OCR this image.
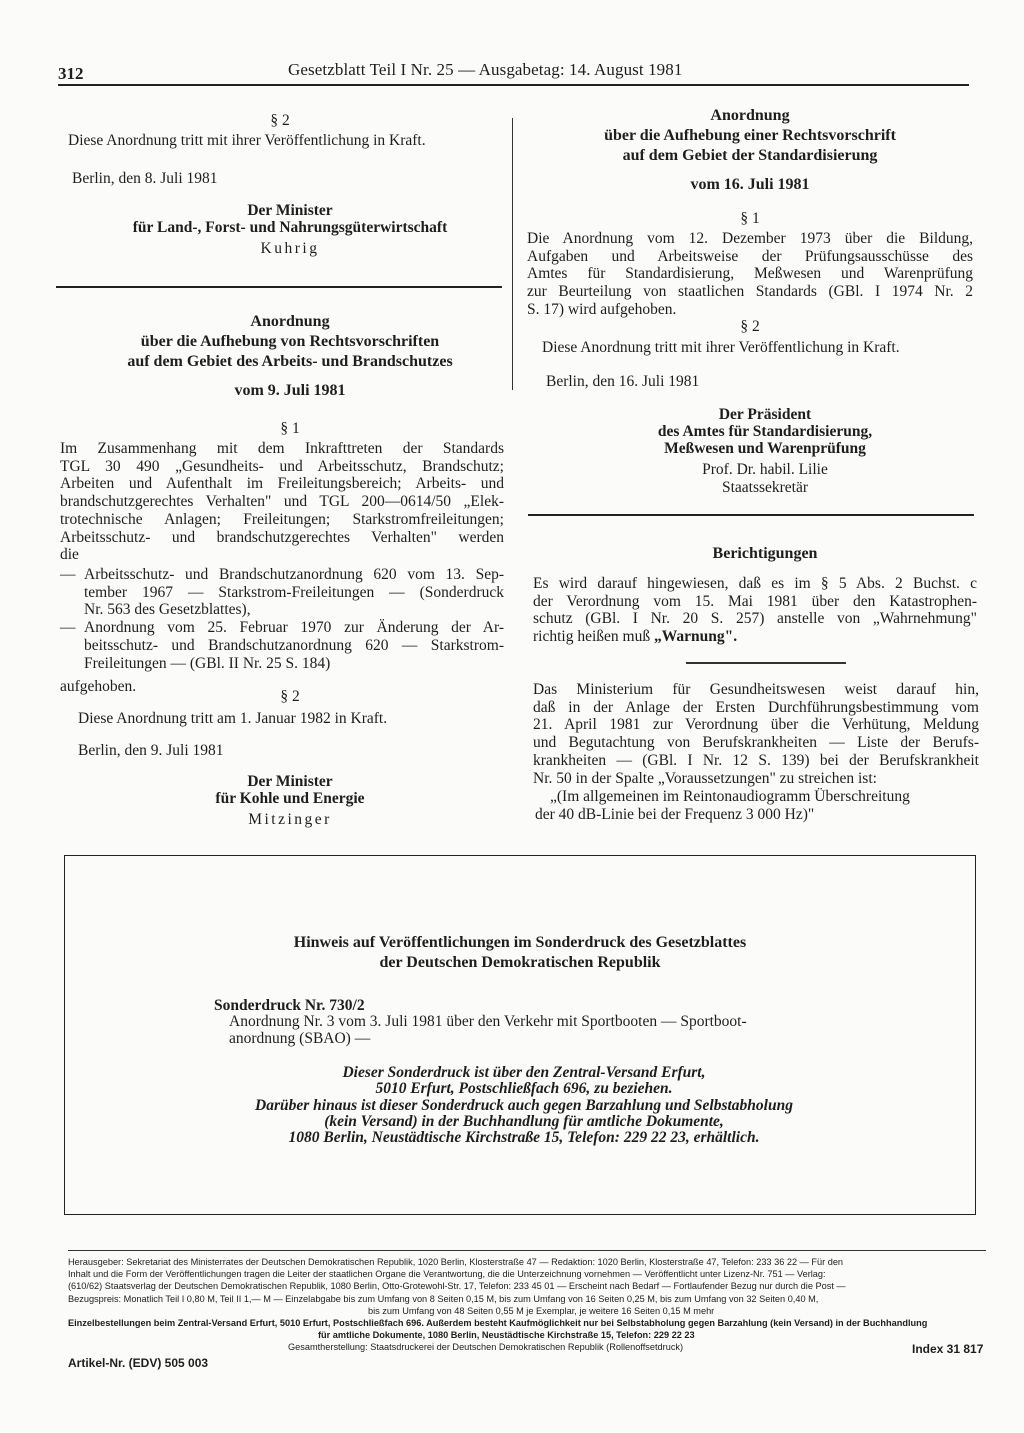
312	Gesetzblatt Teil I Nr. 25 — Ausgabetag: 14. August 1981
§ 2
Diese Anordnung tritt mit ihrer Veröffentlichung in Kraft.
Berlin, den 8. Juli 1981
Der Minister
für Land-, Forst- und Nahrungsgüterwirtschaft
Kuhrig
Anordnung
über die Aufhebung von Rechtsvorschriften
auf dem Gebiet des Arbeits- und Brandschutzes
vom 9. Juli 1981
§ 1
Im Zusammenhang mit dem Inkrafttreten der Standards
TGL 30 490 „Gesundheits- und Arbeitsschutz, Brandschutz;
Arbeiten und Aufenthalt im Freileitungsbereich; Arbeits- und
brandschutzgerechtes Verhalten" und TGL 200—0614/50 „Elek-
trotechnische Anlagen; Freileitungen; Starkstromfreileitungen;
Arbeitsschutz- und brandschutzgerechtes Verhalten" werden
die
— Arbeitsschutz- und Brandschutzanordnung 620 vom 13. Sep-
tember 1967 — Starkstrom-Freileitungen — (Sonderdruck
Nr. 563 des Gesetzblattes),
— Anordnung vom 25. Februar 1970 zur Änderung der Ar-
beitsschutz- und Brandschutzanordnung 620 — Starkstrom-
Freileitungen — (GBl. II Nr. 25 S. 184)
aufgehoben.
§ 2
Diese Anordnung tritt am 1. Januar 1982 in Kraft.
Berlin, den 9. Juli 1981
Der Minister
für Kohle und Energie
Mitzinger
Anordnung
über die Aufhebung einer Rechtsvorschrift
auf dem Gebiet der Standardisierung
vom 16. Juli 1981
§ 1
Die Anordnung vom 12. Dezember 1973 über die Bildung,
Aufgaben und Arbeitsweise der Prüfungsausschüsse des
Amtes für Standardisierung, Meßwesen und Warenprüfung
zur Beurteilung von staatlichen Standards (GBl. I 1974 Nr. 2
S. 17) wird aufgehoben.
§ 2
Diese Anordnung tritt mit ihrer Veröffentlichung in Kraft.
Berlin, den 16. Juli 1981
Der Präsident
des Amtes für Standardisierung,
Meßwesen und Warenprüfung
Prof. Dr. habil. Lilie
Staatssekretär
Berichtigungen
Es wird darauf hingewiesen, daß es im § 5 Abs. 2 Buchst. c
der Verordnung vom 15. Mai 1981 über den Katastrophen-
schutz (GBl. I Nr. 20 S. 257) anstelle von „Wahrnehmung"
richtig heißen muß „Warnung".
Das Ministerium für Gesundheitswesen weist darauf hin,
daß in der Anlage der Ersten Durchführungsbestimmung vom
21. April 1981 zur Verordnung über die Verhütung, Meldung
und Begutachtung von Berufskrankheiten — Liste der Berufs-
krankheiten — (GBl. I Nr. 12 S. 139) bei der Berufskrankheit
Nr. 50 in der Spalte „Voraussetzungen" zu streichen ist:
„(Im allgemeinen im Reintonaudiogramm Überschreitung
der 40 dB-Linie bei der Frequenz 3 000 Hz)"
Hinweis auf Veröffentlichungen im Sonderdruck des Gesetzblattes
der Deutschen Demokratischen Republik
Sonderdruck Nr. 730/2
Anordnung Nr. 3 vom 3. Juli 1981 über den Verkehr mit Sportbooten — Sportboot-
anordnung (SBAO) —
Dieser Sonderdruck ist über den Zentral-Versand Erfurt,
5010 Erfurt, Postschließfach 696, zu beziehen.
Darüber hinaus ist dieser Sonderdruck auch gegen Barzahlung und Selbstabholung
(kein Versand) in der Buchhandlung für amtliche Dokumente,
1080 Berlin, Neustädtische Kirchstraße 15, Telefon: 229 22 23, erhältlich.
Herausgeber: Sekretariat des Ministerrates der Deutschen Demokratischen Republik, 1020 Berlin, Klosterstraße 47 — Redaktion: 1020 Berlin, Klosterstraße 47, Telefon: 233 36 22 — Für den
Inhalt und die Form der Veröffentlichungen tragen die Leiter der staatlichen Organe die Verantwortung, die die Unterzeichnung vornehmen — Veröffentlicht unter Lizenz-Nr. 751 — Verlag:
(610/62) Staatsverlag der Deutschen Demokratischen Republik, 1080 Berlin, Otto-Grotewohl-Str. 17, Telefon: 233 45 01 — Erscheint nach Bedarf — Fortlaufender Bezug nur durch die Post —
Bezugspreis: Monatlich Teil I 0,80 M, Teil II 1,— M — Einzelabgabe bis zum Umfang von 8 Seiten 0,15 M, bis zum Umfang von 16 Seiten 0,25 M, bis zum Umfang von 32 Seiten 0,40 M,
bis zum Umfang von 48 Seiten 0,55 M je Exemplar, je weitere 16 Seiten 0,15 M mehr
Einzelbestellungen beim Zentral-Versand Erfurt, 5010 Erfurt, Postschließfach 696. Außerdem besteht Kaufmöglichkeit nur bei Selbstabholung gegen Barzahlung (kein Versand) in der Buchhandlung
für amtliche Dokumente, 1080 Berlin, Neustädtische Kirchstraße 15, Telefon: 229 22 23
Gesamtherstellung: Staatsdruckerei der Deutschen Demokratischen Republik (Rollenoffsetdruck)
Artikel-Nr. (EDV) 505 003
Index 31 817
